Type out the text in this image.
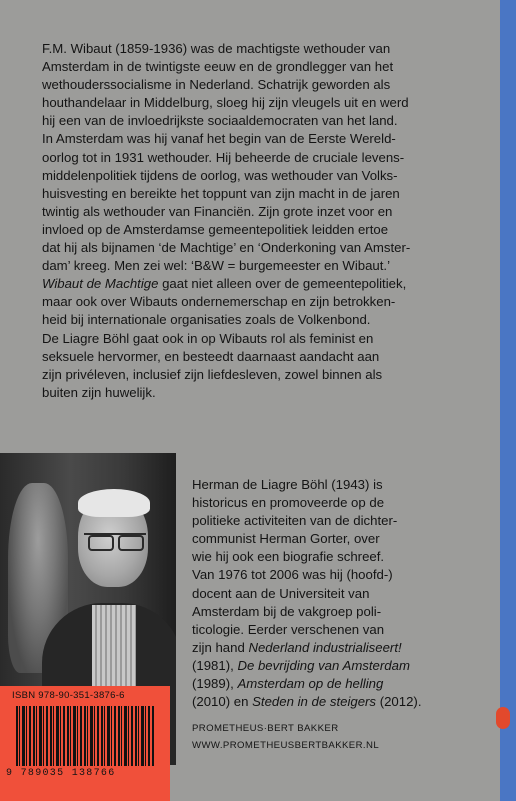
F.M. Wibaut (1859-1936) was de machtigste wethouder van

Amsterdam in de twintigste eeuw en de grondlegger van het

wethouderssocialisme in Nederland. Schatrijk geworden als

houthandelaar in Middelburg, sloeg hij zijn vleugels uit en werd

hij een van de invloedrijkste sociaaldemocraten van het land.

In Amsterdam was hij vanaf het begin van de Eerste Wereld-

oorlog tot in 1931 wethouder. Hij beheerde de cruciale levens-

middelenpolitiek tijdens de oorlog, was wethouder van Volks-

huisvesting en bereikte het toppunt van zijn macht in de jaren

twintig als wethouder van Financiën. Zijn grote inzet voor en

invloed op de Amsterdamse gemeentepolitiek leidden ertoe

dat hij als bijnamen ‘de Machtige’ en ‘Onderkoning van Amster-

dam’ kreeg. Men zei wel: ‘B&W = burgemeester en Wibaut.’

Wibaut de Machtige gaat niet alleen over de gemeentepolitiek,

maar ook over Wibauts ondernemerschap en zijn betrokken-

heid bij internationale organisaties zoals de Volkenbond.

De Liagre Böhl gaat ook in op Wibauts rol als feminist en

seksuele hervormer, en besteedt daarnaast aandacht aan

zijn privéleven, inclusief zijn liefdesleven, zowel binnen als

buiten zijn huwelijk.

Herman de Liagre Böhl (1943) is

historicus en promoveerde op de

politieke activiteiten van de dichter-

communist Herman Gorter, over

wie hij ook een biografie schreef.

Van 1976 tot 2006 was hij (hoofd-)

docent aan de Universiteit van

Amsterdam bij de vakgroep poli-

ticologie. Eerder verschenen van

zijn hand Nederland industrialiseert!

(1981), De bevrijding van Amsterdam

(1989), Amsterdam op de helling

(2010) en Steden in de steigers (2012).

ISBN 978-90-351-3876-6
9 789035 138766
PROMETHEUS·BERT BAKKER
WWW.PROMETHEUSBERTBAKKER.NL
